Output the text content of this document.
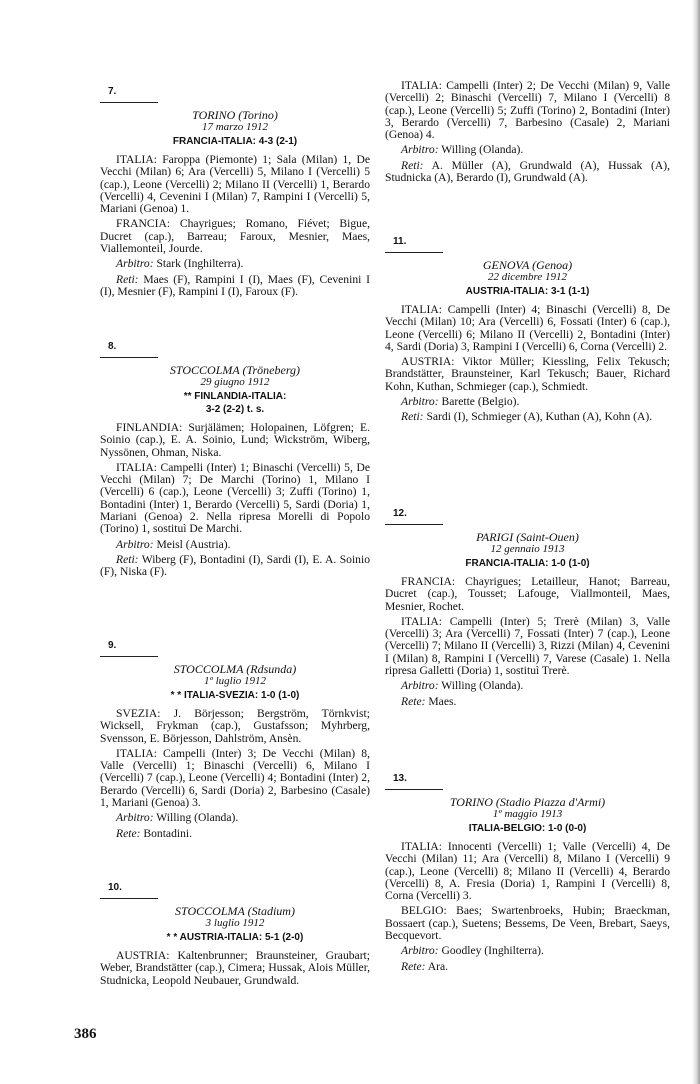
7.
TORINO (Torino)
17 marzo 1912
FRANCIA-ITALIA: 4-3 (2-1)

ITALIA: Faroppa (Piemonte) 1; Sala (Milan) 1, De Vecchi (Milan) 6; Ara (Vercelli) 5, Milano I (Vercelli) 5 (cap.), Leone (Vercelli) 2; Milano II (Vercelli) 1, Berardo (Vercelli) 4, Cevenini I (Milan) 7, Rampini I (Vercelli) 5, Mariani (Genoa) 1.

FRANCIA: Chayrigues; Romano, Fiévet; Bigue, Ducret (cap.), Barreau; Faroux, Mesnier, Maes, Viallemonteil, Jourde.

Arbitro: Stark (Inghilterra).

Reti: Maes (F), Rampini I (I), Maes (F), Cevenini I (I), Mesnier (F), Rampini I (I), Faroux (F).

8.
STOCCOLMA (Tröneberg)
29 giugno 1912
** FINLANDIA-ITALIA:
3-2 (2-2) t. s.

FINLANDIA: Surjälämen; Holopainen, Löfgren; E. Soinio (cap.), E. A. Soinio, Lund; Wickström, Wiberg, Nyssönen, Ohman, Niska.

ITALIA: Campelli (Inter) 1; Binaschi (Vercelli) 5, De Vecchi (Milan) 7; De Marchi (Torino) 1, Milano I (Vercelli) 6 (cap.), Leone (Vercelli) 3; Zuffi (Torino) 1, Bontadini (Inter) 1, Berardo (Vercelli) 5, Sardi (Doria) 1, Mariani (Genoa) 2. Nella ripresa Morelli di Popolo (Torino) 1, sostituì De Marchi.

Arbitro: Meisl (Austria).

Reti: Wiberg (F), Bontadini (I), Sardi (I), E. A. Soinio (F), Niska (F).

9.
STOCCOLMA (Rdsunda)
1º luglio 1912
* * ITALIA-SVEZIA: 1-0 (1-0)

SVEZIA: J. Börjesson; Bergström, Törnkvist; Wicksell, Frykman (cap.), Gustafsson; Myhrberg, Svensson, E. Börjesson, Dahlström, Ansèn.

ITALIA: Campelli (Inter) 3; De Vecchi (Milan) 8, Valle (Vercelli) 1; Binaschi (Vercelli) 6, Milano I (Vercelli) 7 (cap.), Leone (Vercelli) 4; Bontadini (Inter) 2, Berardo (Vercelli) 6, Sardi (Doria) 2, Barbesino (Casale) 1, Mariani (Genoa) 3.

Arbitro: Willing (Olanda).

Rete: Bontadini.

10.
STOCCOLMA (Stadium)
3 luglio 1912
* * AUSTRIA-ITALIA: 5-1 (2-0)

AUSTRIA: Kaltenbrunner; Braunsteiner, Graubart; Weber, Brandstätter (cap.), Cimera; Hussak, Alois Müller, Studnicka, Leopold Neubauer, Grundwald.

ITALIA: Campelli (Inter) 2; De Vecchi (Milan) 9, Valle (Vercelli) 2; Binaschi (Vercelli) 7, Milano I (Vercelli) 8 (cap.), Leone (Vercelli) 5; Zuffi (Torino) 2, Bontadini (Inter) 3, Berardo (Vercelli) 7, Barbesino (Casale) 2, Mariani (Genoa) 4.

Arbitro: Willing (Olanda).

Reti: A. Müller (A), Grundwald (A), Hussak (A), Studnicka (A), Berardo (I), Grundwald (A).

11.
GENOVA (Genoa)
22 dicembre 1912
AUSTRIA-ITALIA: 3-1 (1-1)

ITALIA: Campelli (Inter) 4; Binaschi (Vercelli) 8, De Vecchi (Milan) 10; Ara (Vercelli) 6, Fossati (Inter) 6 (cap.), Leone (Vercelli) 6; Milano II (Vercelli) 2, Bontadini (Inter) 4, Sardi (Doria) 3, Rampini I (Vercelli) 6, Corna (Vercelli) 2.

AUSTRIA: Viktor Müller; Kiessling, Felix Tekusch; Brandstätter, Braunsteiner, Karl Tekusch; Bauer, Richard Kohn, Kuthan, Schmieger (cap.), Schmiedt.

Arbitro: Barette (Belgio).

Reti: Sardi (I), Schmieger (A), Kuthan (A), Kohn (A).

12.
PARIGI (Saint-Ouen)
12 gennaio 1913
FRANCIA-ITALIA: 1-0 (1-0)

FRANCIA: Chayrigues; Letailleur, Hanot; Barreau, Ducret (cap.), Tousset; Lafouge, Viallmonteil, Maes, Mesnier, Rochet.

ITALIA: Campelli (Inter) 5; Trerè (Milan) 3, Valle (Vercelli) 3; Ara (Vercelli) 7, Fossati (Inter) 7 (cap.), Leone (Vercelli) 7; Milano II (Vercelli) 3, Rizzi (Milan) 4, Cevenini I (Milan) 8, Rampini I (Vercelli) 7, Varese (Casale) 1. Nella ripresa Galletti (Doria) 1, sostituì Trerè.

Arbitro: Willing (Olanda).

Rete: Maes.

13.
TORINO (Stadio Piazza d'Armi)
1º maggio 1913
ITALIA-BELGIO: 1-0 (0-0)

ITALIA: Innocenti (Vercelli) 1; Valle (Vercelli) 4, De Vecchi (Milan) 11; Ara (Vercelli) 8, Milano I (Vercelli) 9 (cap.), Leone (Vercelli) 8; Milano II (Vercelli) 4, Berardo (Vercelli) 8, A. Fresia (Doria) 1, Rampini I (Vercelli) 8, Corna (Vercelli) 3.

BELGIO: Baes; Swartenbroeks, Hubin; Braeckman, Bossaert (cap.), Suetens; Bessems, De Veen, Brebart, Saeys, Becquevort.

Arbitro: Goodley (Inghilterra).

Rete: Ara.

386
